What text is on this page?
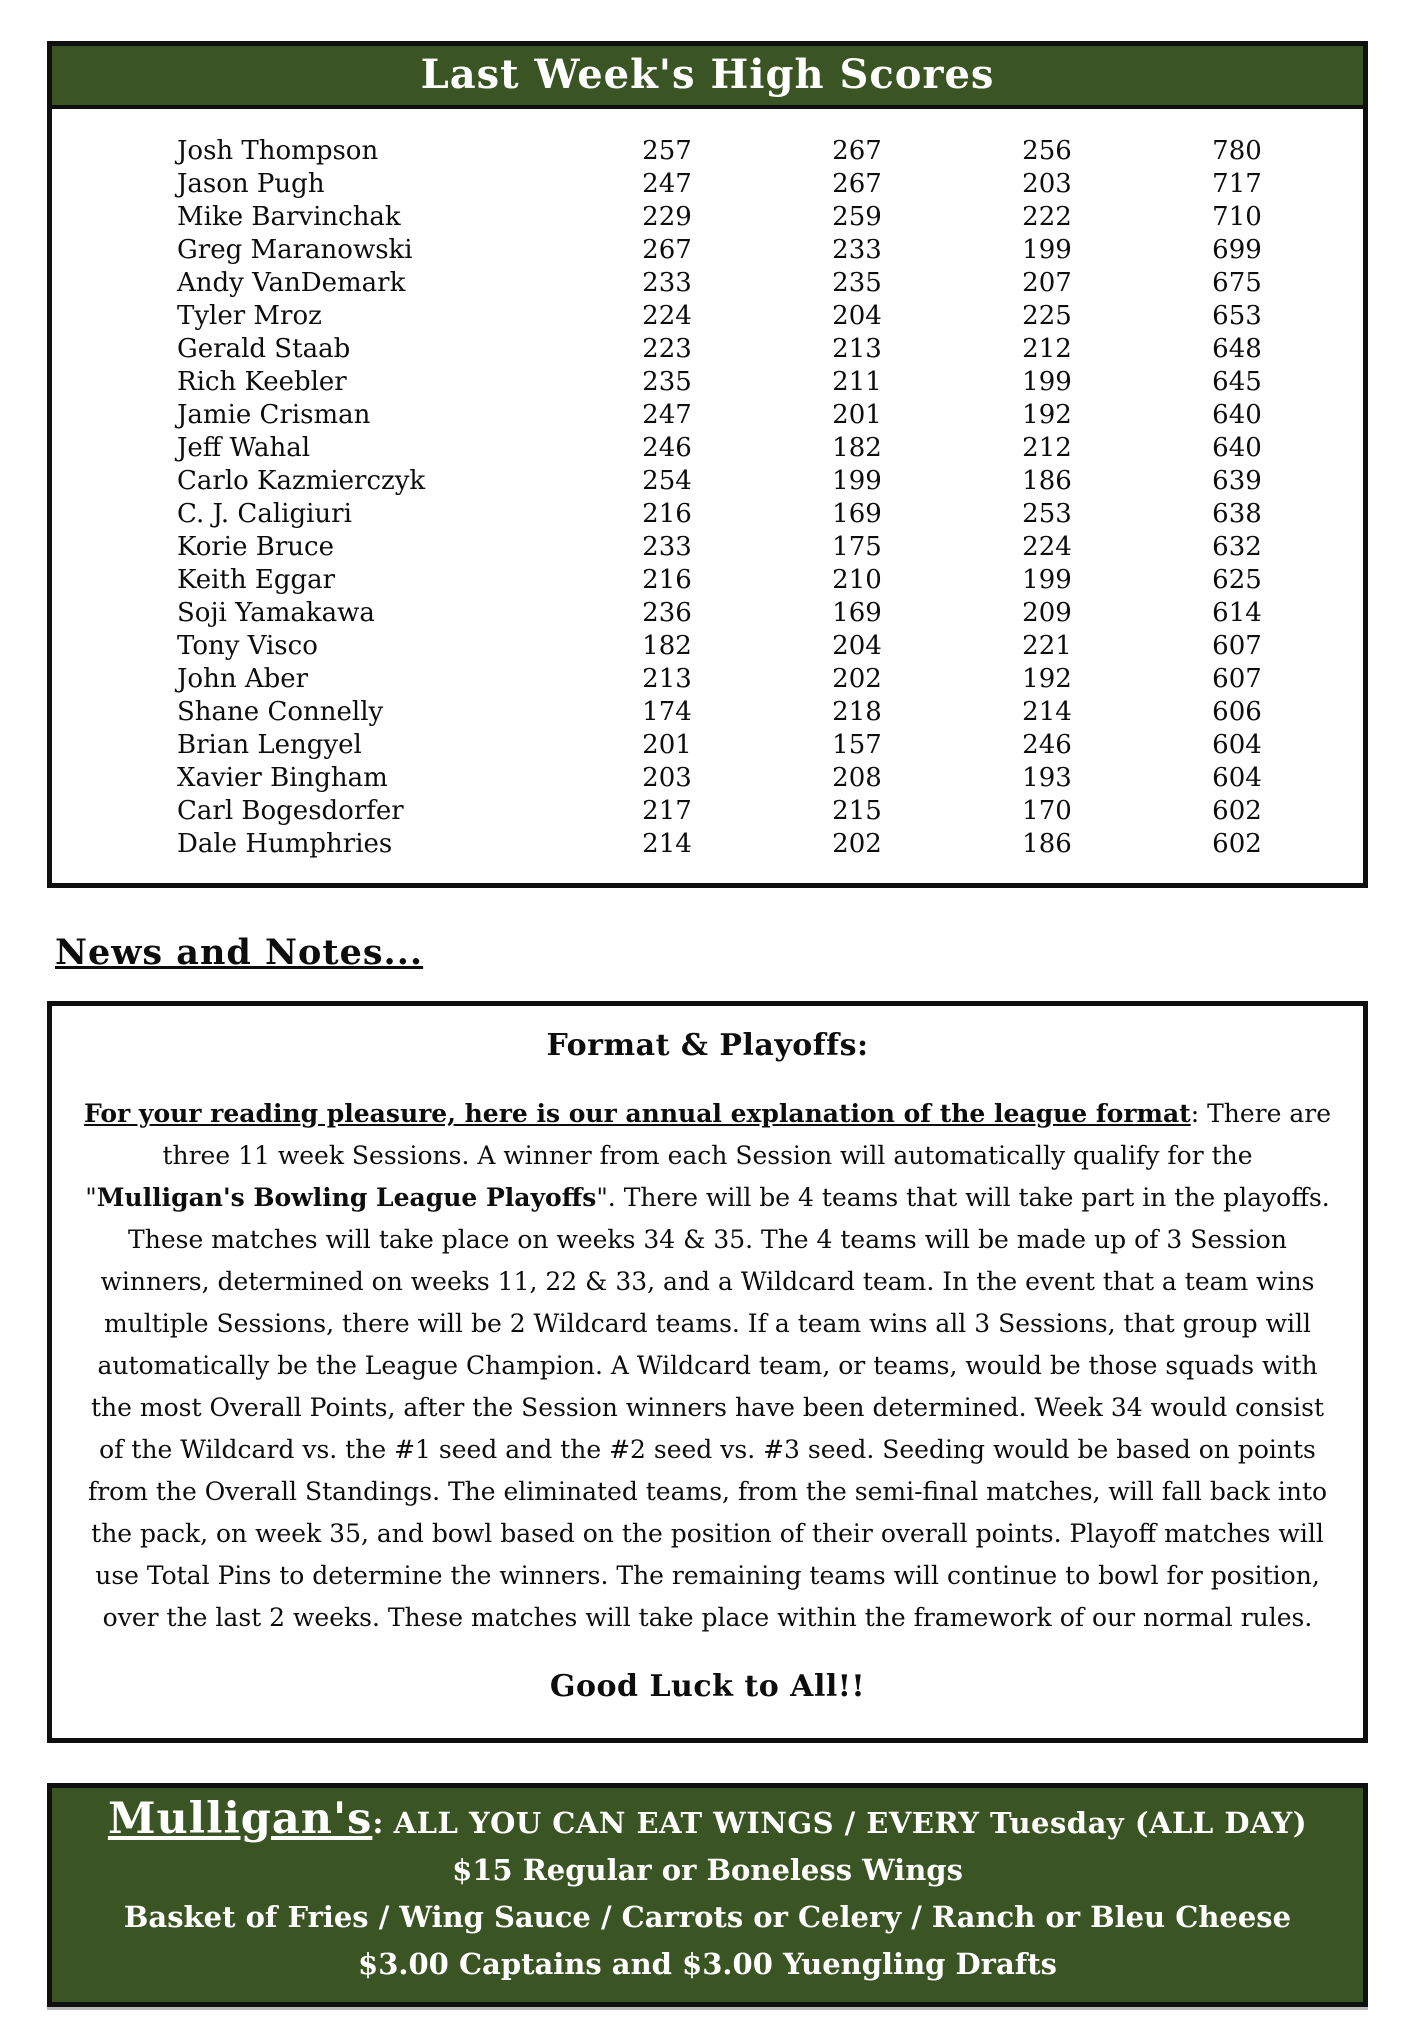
Last Week's High Scores
Josh Thompson	257	267	256	780
Jason Pugh	247	267	203	717
Mike Barvinchak	229	259	222	710
Greg Maranowski	267	233	199	699
Andy VanDemark	233	235	207	675
Tyler Mroz	224	204	225	653
Gerald Staab	223	213	212	648
Rich Keebler	235	211	199	645
Jamie Crisman	247	201	192	640
Jeff Wahal	246	182	212	640
Carlo Kazmierczyk	254	199	186	639
C. J. Caligiuri	216	169	253	638
Korie Bruce	233	175	224	632
Keith Eggar	216	210	199	625
Soji Yamakawa	236	169	209	614
Tony Visco	182	204	221	607
John Aber	213	202	192	607
Shane Connelly	174	218	214	606
Brian Lengyel	201	157	246	604
Xavier Bingham	203	208	193	604
Carl Bogesdorfer	217	215	170	602
Dale Humphries	214	202	186	602
News and Notes...
Format & Playoffs:
For your reading pleasure, here is our annual explanation of the league format: There are three 11 week Sessions. A winner from each Session will automatically qualify for the "Mulligan's Bowling League Playoffs". There will be 4 teams that will take part in the playoffs. These matches will take place on weeks 34 & 35. The 4 teams will be made up of 3 Session winners, determined on weeks 11, 22 & 33, and a Wildcard team. In the event that a team wins multiple Sessions, there will be 2 Wildcard teams. If a team wins all 3 Sessions, that group will automatically be the League Champion. A Wildcard team, or teams, would be those squads with the most Overall Points, after the Session winners have been determined. Week 34 would consist of the Wildcard vs. the #1 seed and the #2 seed vs. #3 seed. Seeding would be based on points from the Overall Standings. The eliminated teams, from the semi-final matches, will fall back into the pack, on week 35, and bowl based on the position of their overall points. Playoff matches will use Total Pins to determine the winners. The remaining teams will continue to bowl for position, over the last 2 weeks. These matches will take place within the framework of our normal rules.
Good Luck to All!!
Mulligan's: ALL YOU CAN EAT WINGS / EVERY Tuesday (ALL DAY)
$15 Regular or Boneless Wings
Basket of Fries / Wing Sauce / Carrots or Celery / Ranch or Bleu Cheese
$3.00 Captains and $3.00 Yuengling Drafts
